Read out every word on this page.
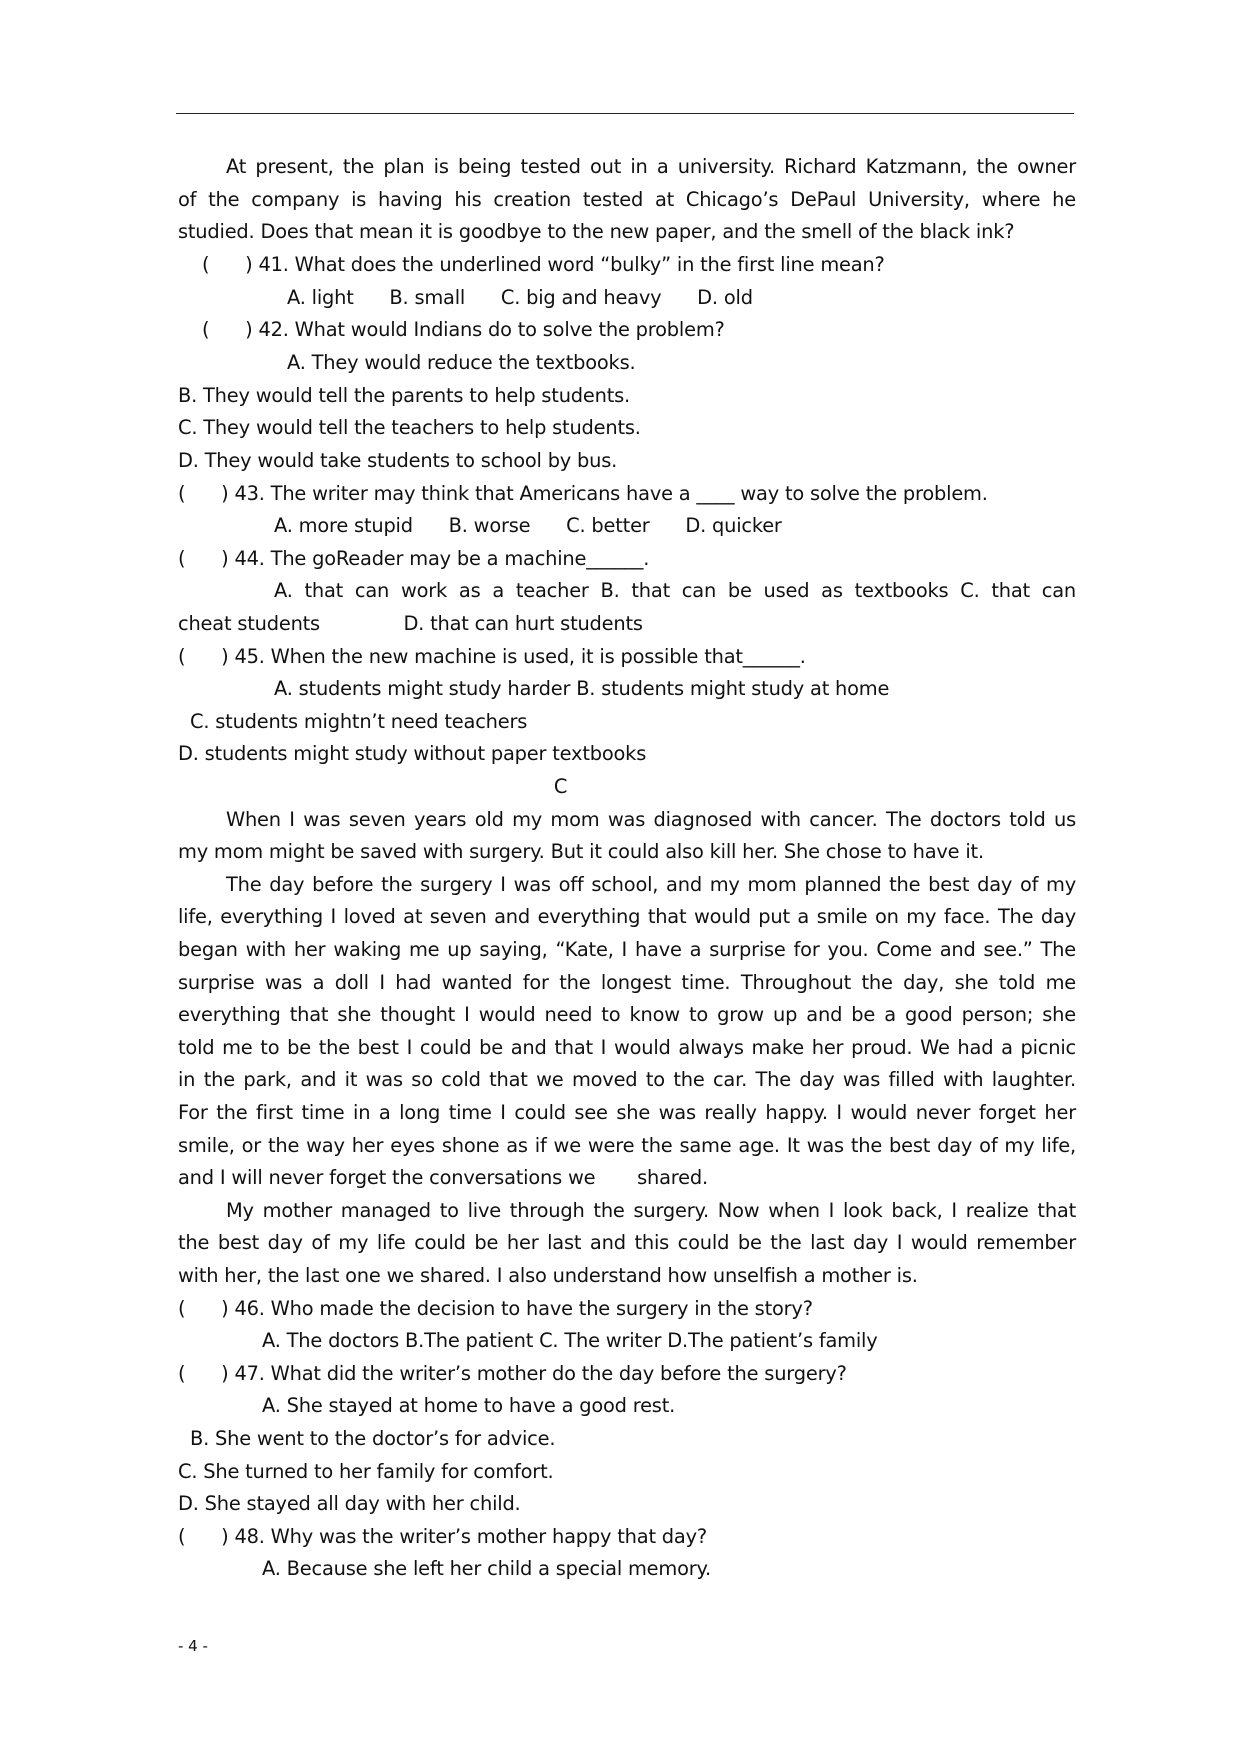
At present, the plan is being tested out in a university. Richard Katzmann, the owner
of the company is having his creation tested at Chicago’s DePaul University, where he
studied. Does that mean it is goodbye to the new paper, and the smell of the black ink?
(      ) 41. What does the underlined word “bulky” in the first line mean?
A. light      B. small      C. big and heavy      D. old
(      ) 42. What would Indians do to solve the problem?
A. They would reduce the textbooks.
B. They would tell the parents to help students.
C. They would tell the teachers to help students.
D. They would take students to school by bus.
(      ) 43. The writer may think that Americans have a ____ way to solve the problem.
A. more stupid      B. worse      C. better      D. quicker
(      ) 44. The goReader may be a machine______.
A. that can work as a teacher B. that can be used as textbooks C. that can
cheat students              D. that can hurt students
(      ) 45. When the new machine is used, it is possible that______.
A. students might study harder B. students might study at home
C. students mightn’t need teachers
D. students might study without paper textbooks
C
When I was seven years old my mom was diagnosed with cancer. The doctors told us
my mom might be saved with surgery. But it could also kill her. She chose to have it.
The day before the surgery I was off school, and my mom planned the best day of my
life, everything I loved at seven and everything that would put a smile on my face. The day
began with her waking me up saying, “Kate, I have a surprise for you. Come and see.” The
surprise was a doll I had wanted for the longest time. Throughout the day, she told me
everything that she thought I would need to know to grow up and be a good person; she
told me to be the best I could be and that I would always make her proud. We had a picnic
in the park, and it was so cold that we moved to the car. The day was filled with laughter.
For the first time in a long time I could see she was really happy. I would never forget her
smile, or the way her eyes shone as if we were the same age. It was the best day of my life,
and I will never forget the conversations we       shared.
My mother managed to live through the surgery. Now when I look back, I realize that
the best day of my life could be her last and this could be the last day I would remember
with her, the last one we shared. I also understand how unselfish a mother is.
(      ) 46. Who made the decision to have the surgery in the story?
A. The doctors B.The patient C. The writer D.The patient’s family
(      ) 47. What did the writer’s mother do the day before the surgery?
A. She stayed at home to have a good rest.
B. She went to the doctor’s for advice.
C. She turned to her family for comfort.
D. She stayed all day with her child.
(      ) 48. Why was the writer’s mother happy that day?
A. Because she left her child a special memory.
- 4 -
